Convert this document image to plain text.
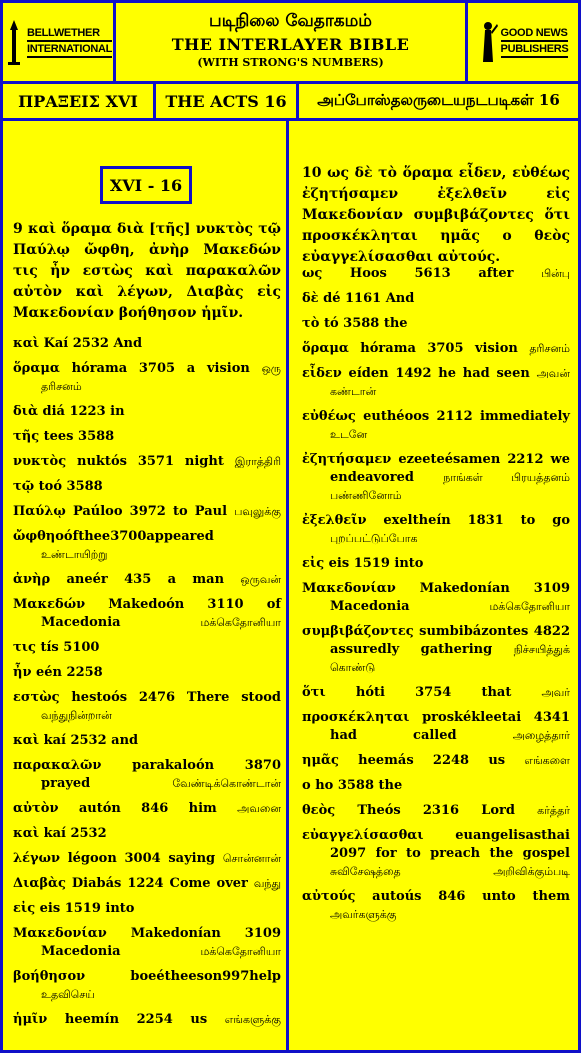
BELLWETHER
INTERNATIONAL
படிநிலை வேதாகமம்
THE INTERLAYER BIBLE
(WITH STRONG'S NUMBERS)
GOOD NEWS
PUBLISHERS
ΠΡΑΞΕΙΣ XVI	THE ACTS 16	அப்போஸ்தலருடையநடபடிகள் 16
XVI - 16
9 καὶ ὅραμα διὰ [τῆς] νυκτὸς τῷ Παύλῳ ὤφθη, ἀνὴρ Μακεδών τις ἦν εστὼς καὶ παρακαλῶν αὐτὸν καὶ λέγων, Διαβὰς εἰς Μακεδονίαν βοήθησον ἡμῖν.
καὶ Kaí 2532 And
ὅραμα hórama 3705 a vision ஒரு தரிசனம்
διὰ diá 1223 in
τῆς tees 3588
νυκτὸς nuktós 3571 night இராத்திரி
τῷ toó 3588
Παύλῳ Paúloo 3972 to Paul பவுலுக்கு
ὤφθηoófthee3700appeared உண்டாயிற்று
ἀνὴρ aneér 435 a man ஒருவன்
Μακεδών Makedoón 3110 of Macedonia	மக்கெதோனியா
τις tís 5100
ἦν eén 2258
εστὼς hestoós 2476 There stood வந்துநின்றான்
καὶ kaí 2532 and
παρακαλῶν parakaloón 3870 prayed	வேண்டிக்கொண்டான்
αὐτὸν autón 846 him அவனை
καὶ kaí 2532
λέγων légoon 3004 saying சொன்னான்
Διαβὰς Diabás 1224 Come over வந்து
εἰς eis 1519 into
Μακεδονίαν Makedonían 3109 Macedonia	மக்கெதோனியா
βοήθησον boeétheeson997help உதவிசெய்
ἡμῖν heemín 2254 us எங்களுக்கு
10 ως δὲ τὸ ὅραμα εἶδεν, εὐθέως ἐζητήσαμεν ἐξελθεῖν εἰς Μακεδονίαν συμβιβάζοντες ὅτι προσκέκληται ημᾶς ο θεὸς εὐαγγελίσασθαι αὐτούς.
ως Hoos 5613 after	பின்பு
δὲ dé 1161 And
τὸ tó 3588 the
ὅραμα hórama 3705 vision தரிசனம்
εἶδεν eíden 1492 he had seen அவன் கண்டான்
εὐθέως euthéoos 2112 immediately உடனே
ἐζητήσαμεν ezeeteésamen 2212 we endeavored	நாங்கள் பிரயத்தனம் பண்ணினோம்
ἐξελθεῖν exeltheín 1831 to go புறப்பட்டுப்போக
εἰς eis 1519 into
Μακεδονίαν Makedonían 3109 Macedonia	மக்கெதோனியா
συμβιβάζοντες sumbibázontes 4822 assuredly gathering நிச்சயித்துக் கொண்டு
ὅτι hóti 3754 that	அவர்
προσκέκληται proskékleetai 4341 had called	அழைத்தார்
ημᾶς heemás 2248 us எங்களை
ο ho 3588 the
θεὸς Theós 2316 Lord கர்த்தர்
εὐαγγελίσασθαι euangelisasthai 2097 for to preach the gospel சுவிசேஷத்தை அறிவிக்கும்படி
αὐτούς autoús 846 unto them அவர்களுக்கு
